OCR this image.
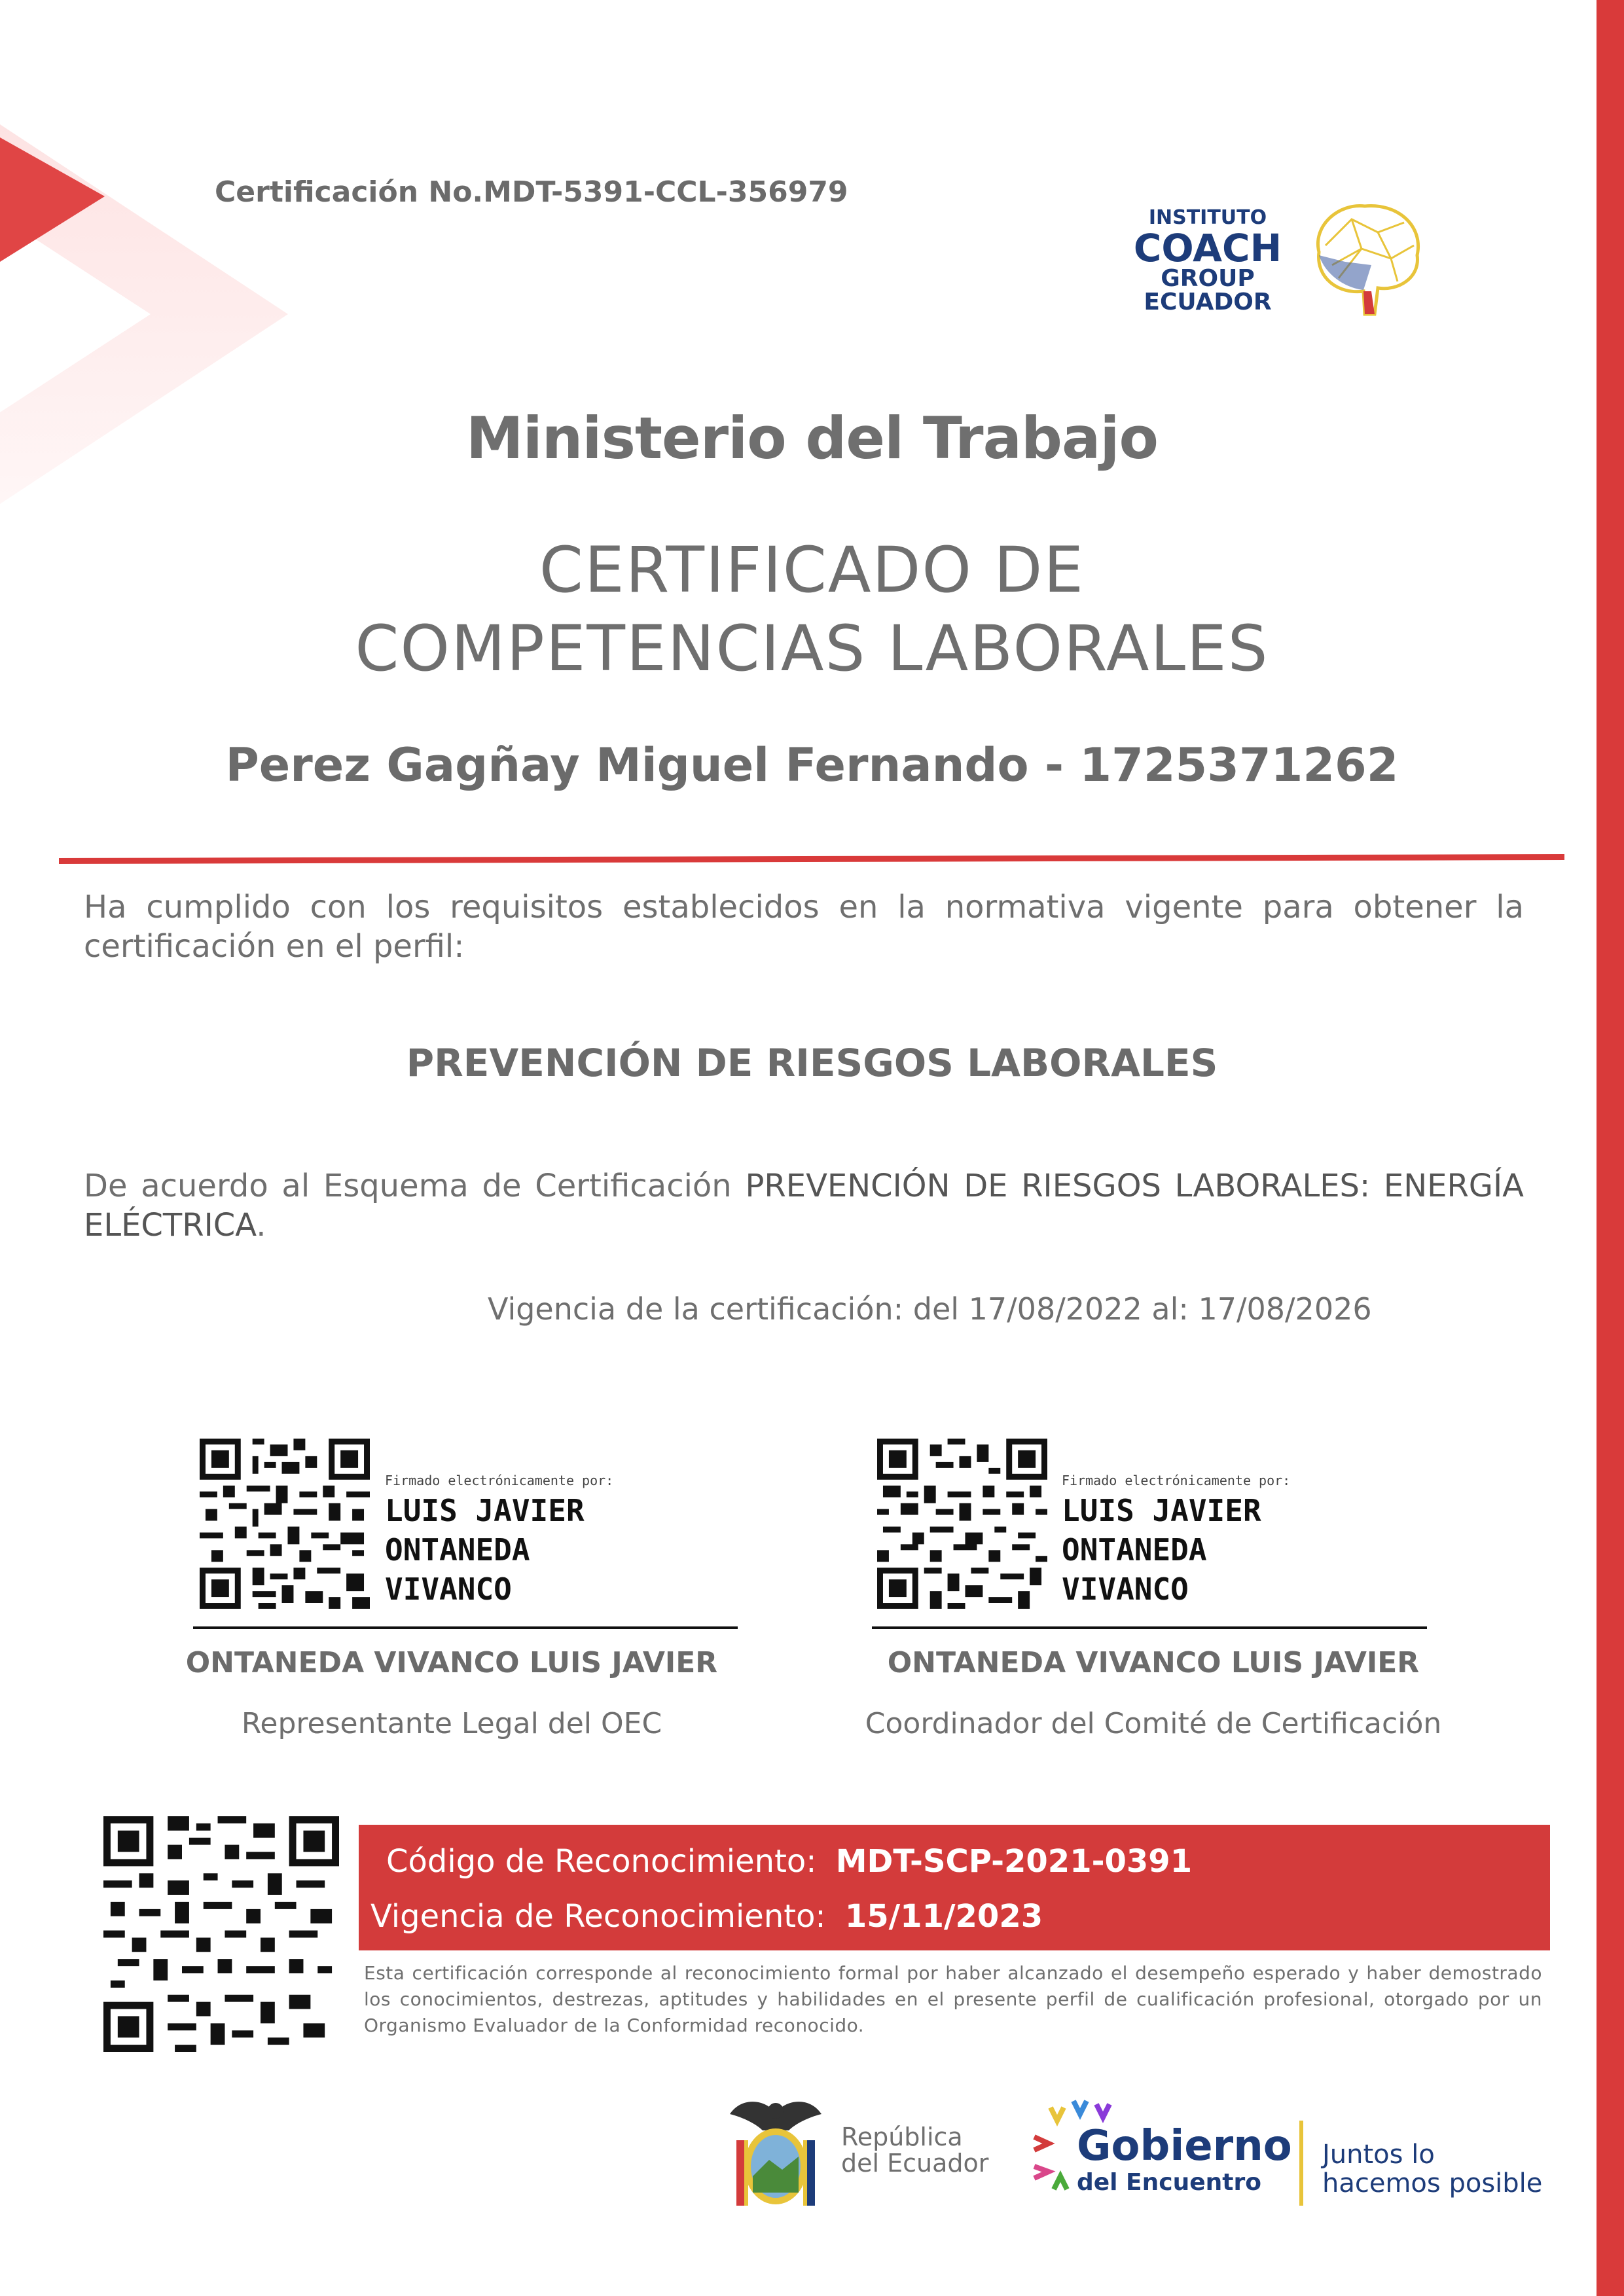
Certificación No.MDT-5391-CCL-356979
INSTITUTO
COACH
GROUP
ECUADOR
Ministerio del Trabajo
CERTIFICADO DE
COMPETENCIAS LABORALES
Perez Gagñay Miguel Fernando - 1725371262
Ha cumplido con los requisitos establecidos en la normativa vigente para obtener la certificación en el perfil:
PREVENCIÓN DE RIESGOS LABORALES
De acuerdo al Esquema de Certificación PREVENCIÓN DE RIESGOS LABORALES: ENERGÍA ELÉCTRICA.
Vigencia de la certificación: del 17/08/2022 al: 17/08/2026
Firmado electrónicamente por:
LUIS JAVIER
ONTANEDA
VIVANCO
ONTANEDA VIVANCO LUIS JAVIER
Representante Legal del OEC
Firmado electrónicamente por:
LUIS JAVIER
ONTANEDA
VIVANCO
ONTANEDA VIVANCO LUIS JAVIER
Coordinador del Comité de Certificación
Código de Reconocimiento: MDT-SCP-2021-0391
Vigencia de Reconocimiento: 15/11/2023
Esta certificación corresponde al reconocimiento formal por haber alcanzado el desempeño esperado y haber demostrado los conocimientos, destrezas, aptitudes y habilidades en el presente perfil de cualificación profesional, otorgado por un Organismo Evaluador de la Conformidad reconocido.
República
del Ecuador Gobierno
del Encuentro
Juntos lo
hacemos posible
